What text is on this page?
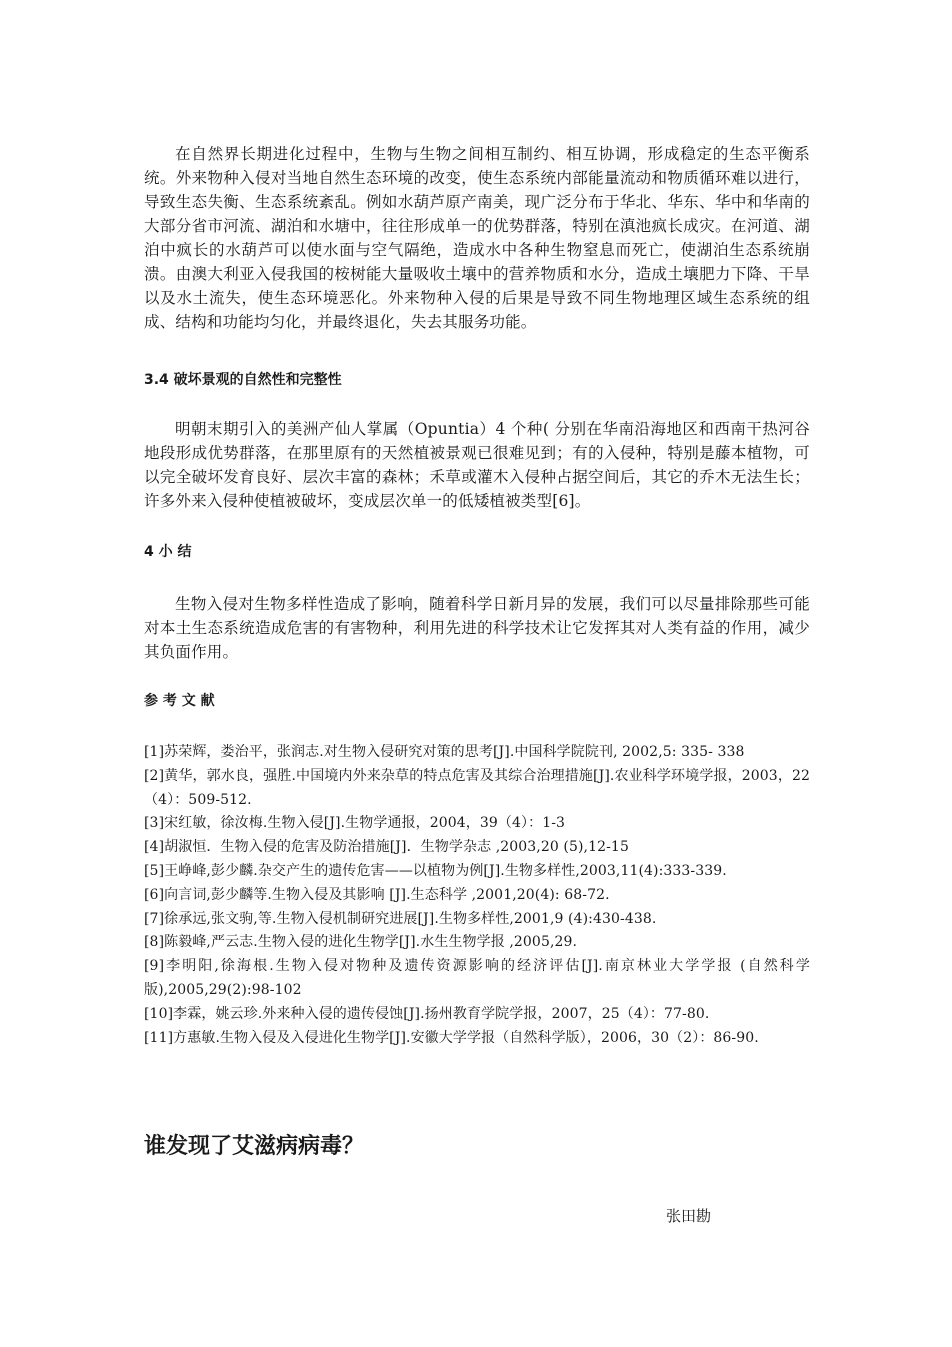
在自然界长期进化过程中，生物与生物之间相互制约、相互协调，形成稳定的生态平衡系统。外来物种入侵对当地自然生态环境的改变，使生态系统内部能量流动和物质循环难以进行，导致生态失衡、生态系统紊乱。例如水葫芦原产南美，现广泛分布于华北、华东、华中和华南的大部分省市河流、湖泊和水塘中，往往形成单一的优势群落，特别在滇池疯长成灾。在河道、湖泊中疯长的水葫芦可以使水面与空气隔绝，造成水中各种生物窒息而死亡，使湖泊生态系统崩溃。由澳大利亚入侵我国的桉树能大量吸收土壤中的营养物质和水分，造成土壤肥力下降、干旱以及水土流失，使生态环境恶化。外来物种入侵的后果是导致不同生物地理区域生态系统的组成、结构和功能均匀化，并最终退化，失去其服务功能。

3.4 破坏景观的自然性和完整性

明朝末期引入的美洲产仙人掌属（Opuntia）4 个种( 分别在华南沿海地区和西南干热河谷地段形成优势群落，在那里原有的天然植被景观已很难见到；有的入侵种，特别是藤本植物，可以完全破坏发育良好、层次丰富的森林；禾草或灌木入侵种占据空间后，其它的乔木无法生长；许多外来入侵种使植被破坏，变成层次单一的低矮植被类型[6]。

4 小 结

生物入侵对生物多样性造成了影响，随着科学日新月异的发展，我们可以尽量排除那些可能对本土生态系统造成危害的有害物种，利用先进的科学技术让它发挥其对人类有益的作用，减少其负面作用。

参 考 文 献
[1]苏荣辉，娄治平，张润志.对生物入侵研究对策的思考[J].中国科学院院刊, 2002,5: 335- 338
[2]黄华，郭水良，强胜.中国境内外来杂草的特点危害及其综合治理措施[J].农业科学环境学报，2003，22（4）：509-512.
[3]宋红敏，徐汝梅.生物入侵[J].生物学通报，2004，39（4）：1-3
[4]胡淑恒．生物入侵的危害及防治措施[J]．生物学杂志 ,2003,20 (5),12-15
[5]王峥峰,彭少麟.杂交产生的遗传危害——以植物为例[J].生物多样性,2003,11(4):333-339.
[6]向言词,彭少麟等.生物入侵及其影响 [J].生态科学 ,2001,20(4): 68-72.
[7]徐承远,张文驹,等.生物入侵机制研究进展[J].生物多样性,2001,9 (4):430-438.
[8]陈毅峰,严云志.生物入侵的进化生物学[J].水生生物学报 ,2005,29.
[9]李明阳,徐海根.生物入侵对物种及遗传资源影响的经济评估[J].南京林业大学学报 (自然科学版),2005,29(2):98-102
[10]李霖，姚云珍.外来种入侵的遗传侵蚀[J].扬州教育学院学报，2007，25（4）：77-80.
[11]方惠敏.生物入侵及入侵进化生物学[J].安徽大学学报（自然科学版），2006，30（2）：86-90.
谁发现了艾滋病病毒？

张田勘
